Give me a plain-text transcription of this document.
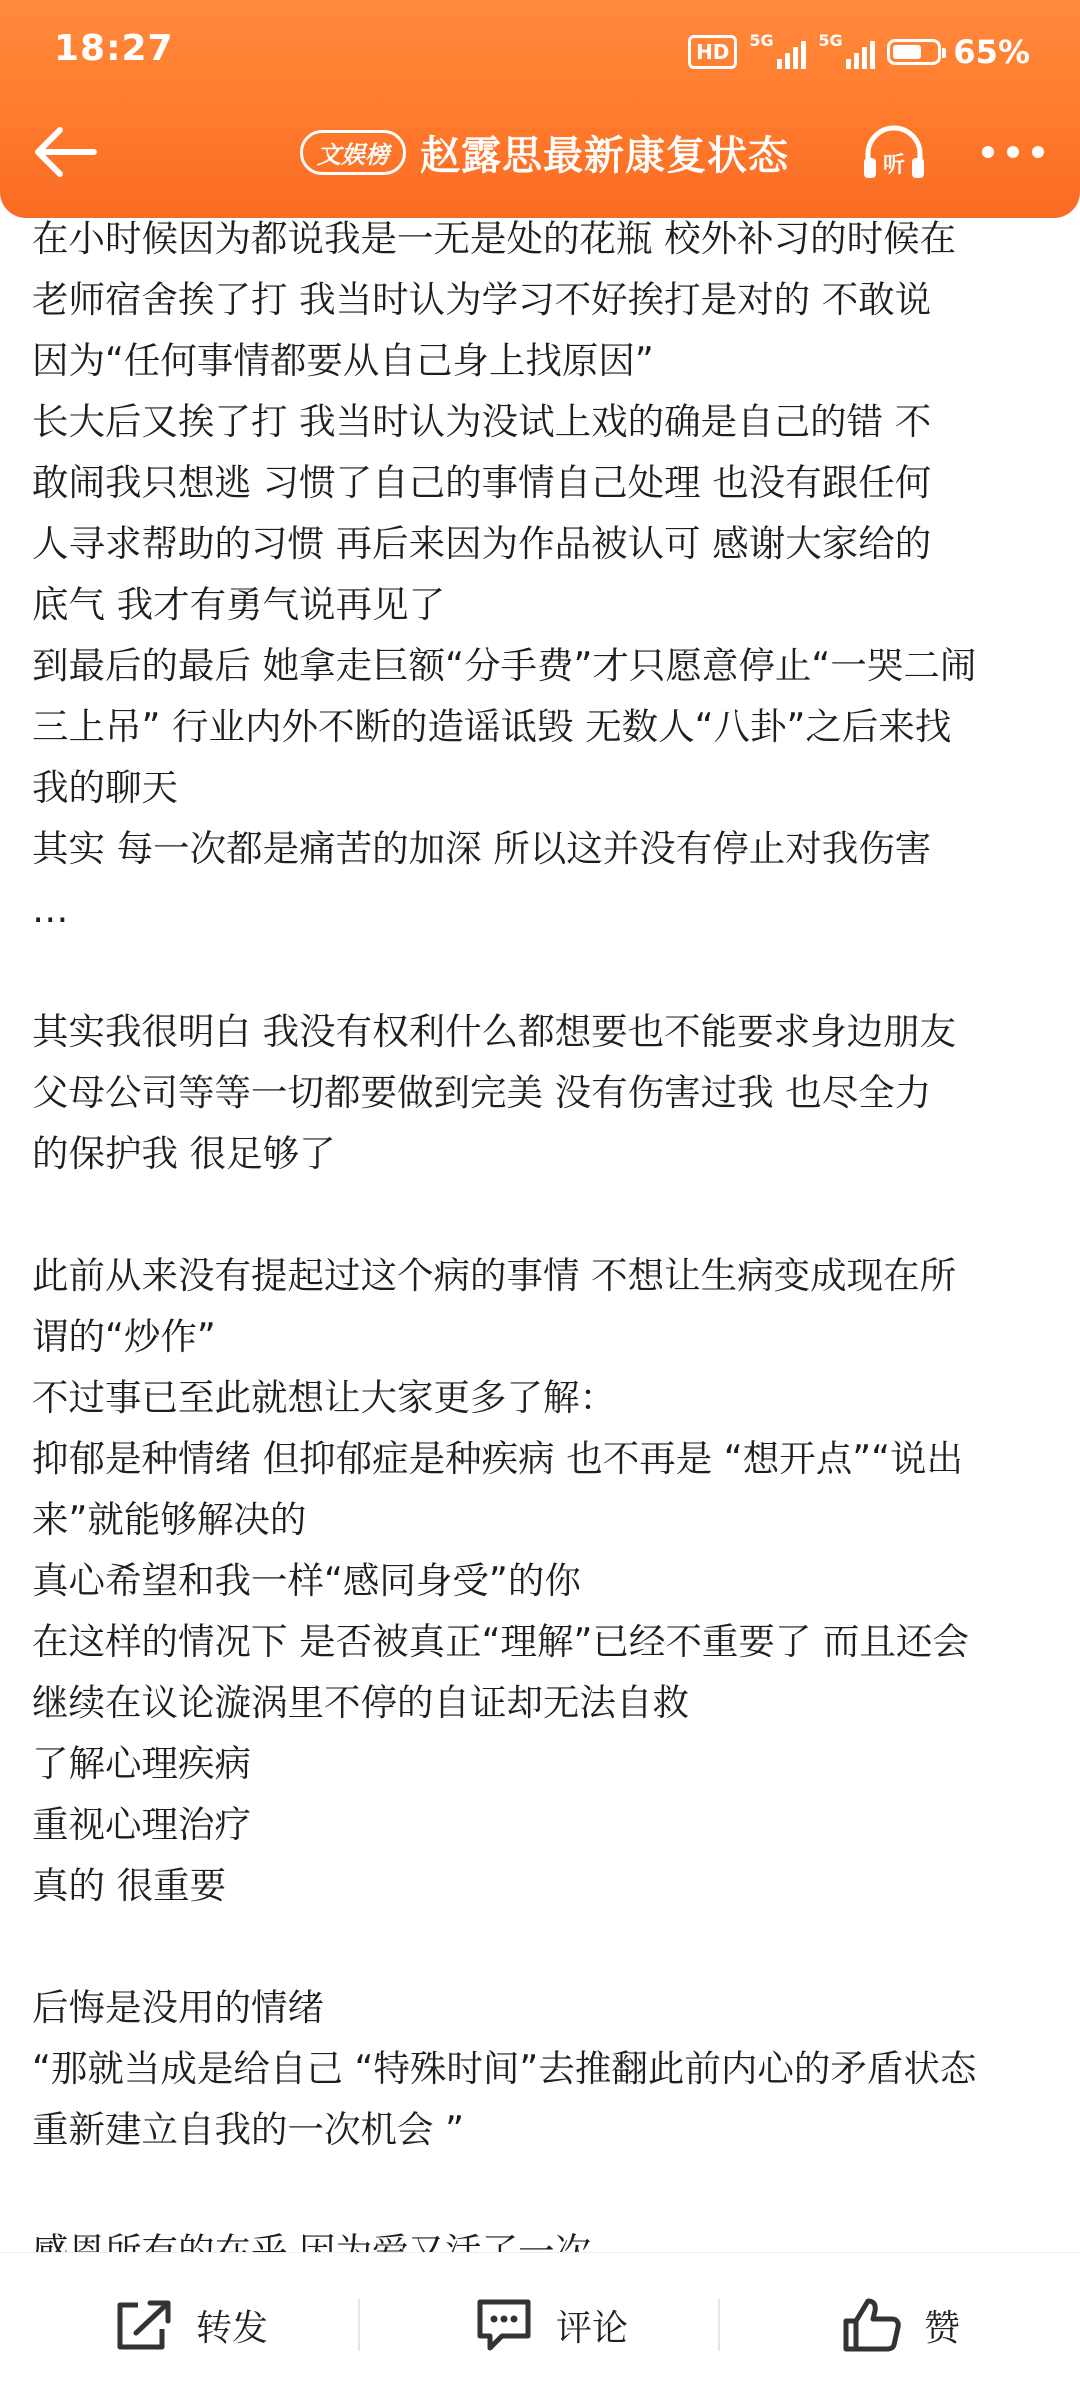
18:27	HD	5G	5G	65%
文娱榜 赵露思最新康复状态	听
在小时候因为都说我是一无是处的花瓶 校外补习的时候在
老师宿舍挨了打 我当时认为学习不好挨打是对的 不敢说
因为“任何事情都要从自己身上找原因”
长大后又挨了打 我当时认为没试上戏的确是自己的错 不
敢闹我只想逃 习惯了自己的事情自己处理 也没有跟任何
人寻求帮助的习惯 再后来因为作品被认可 感谢大家给的
底气 我才有勇气说再见了
到最后的最后 她拿走巨额“分手费”才只愿意停止“一哭二闹
三上吊” 行业内外不断的造谣诋毁 无数人“八卦”之后来找
我的聊天
其实 每一次都是痛苦的加深 所以这并没有停止对我伤害
…
其实我很明白 我没有权利什么都想要也不能要求身边朋友
父母公司等等一切都要做到完美 没有伤害过我 也尽全力
的保护我 很足够了
此前从来没有提起过这个病的事情 不想让生病变成现在所
谓的“炒作”
不过事已至此就想让大家更多了解：
抑郁是种情绪 但抑郁症是种疾病 也不再是 “想开点”“说出
来”就能够解决的
真心希望和我一样“感同身受”的你
在这样的情况下 是否被真正“理解”已经不重要了 而且还会
继续在议论漩涡里不停的自证却无法自救
了解心理疾病
重视心理治疗
真的 很重要
后悔是没用的情绪
“那就当成是给自己 “特殊时间”去推翻此前内心的矛盾状态
重新建立自我的一次机会 ”
转发	评论	赞
